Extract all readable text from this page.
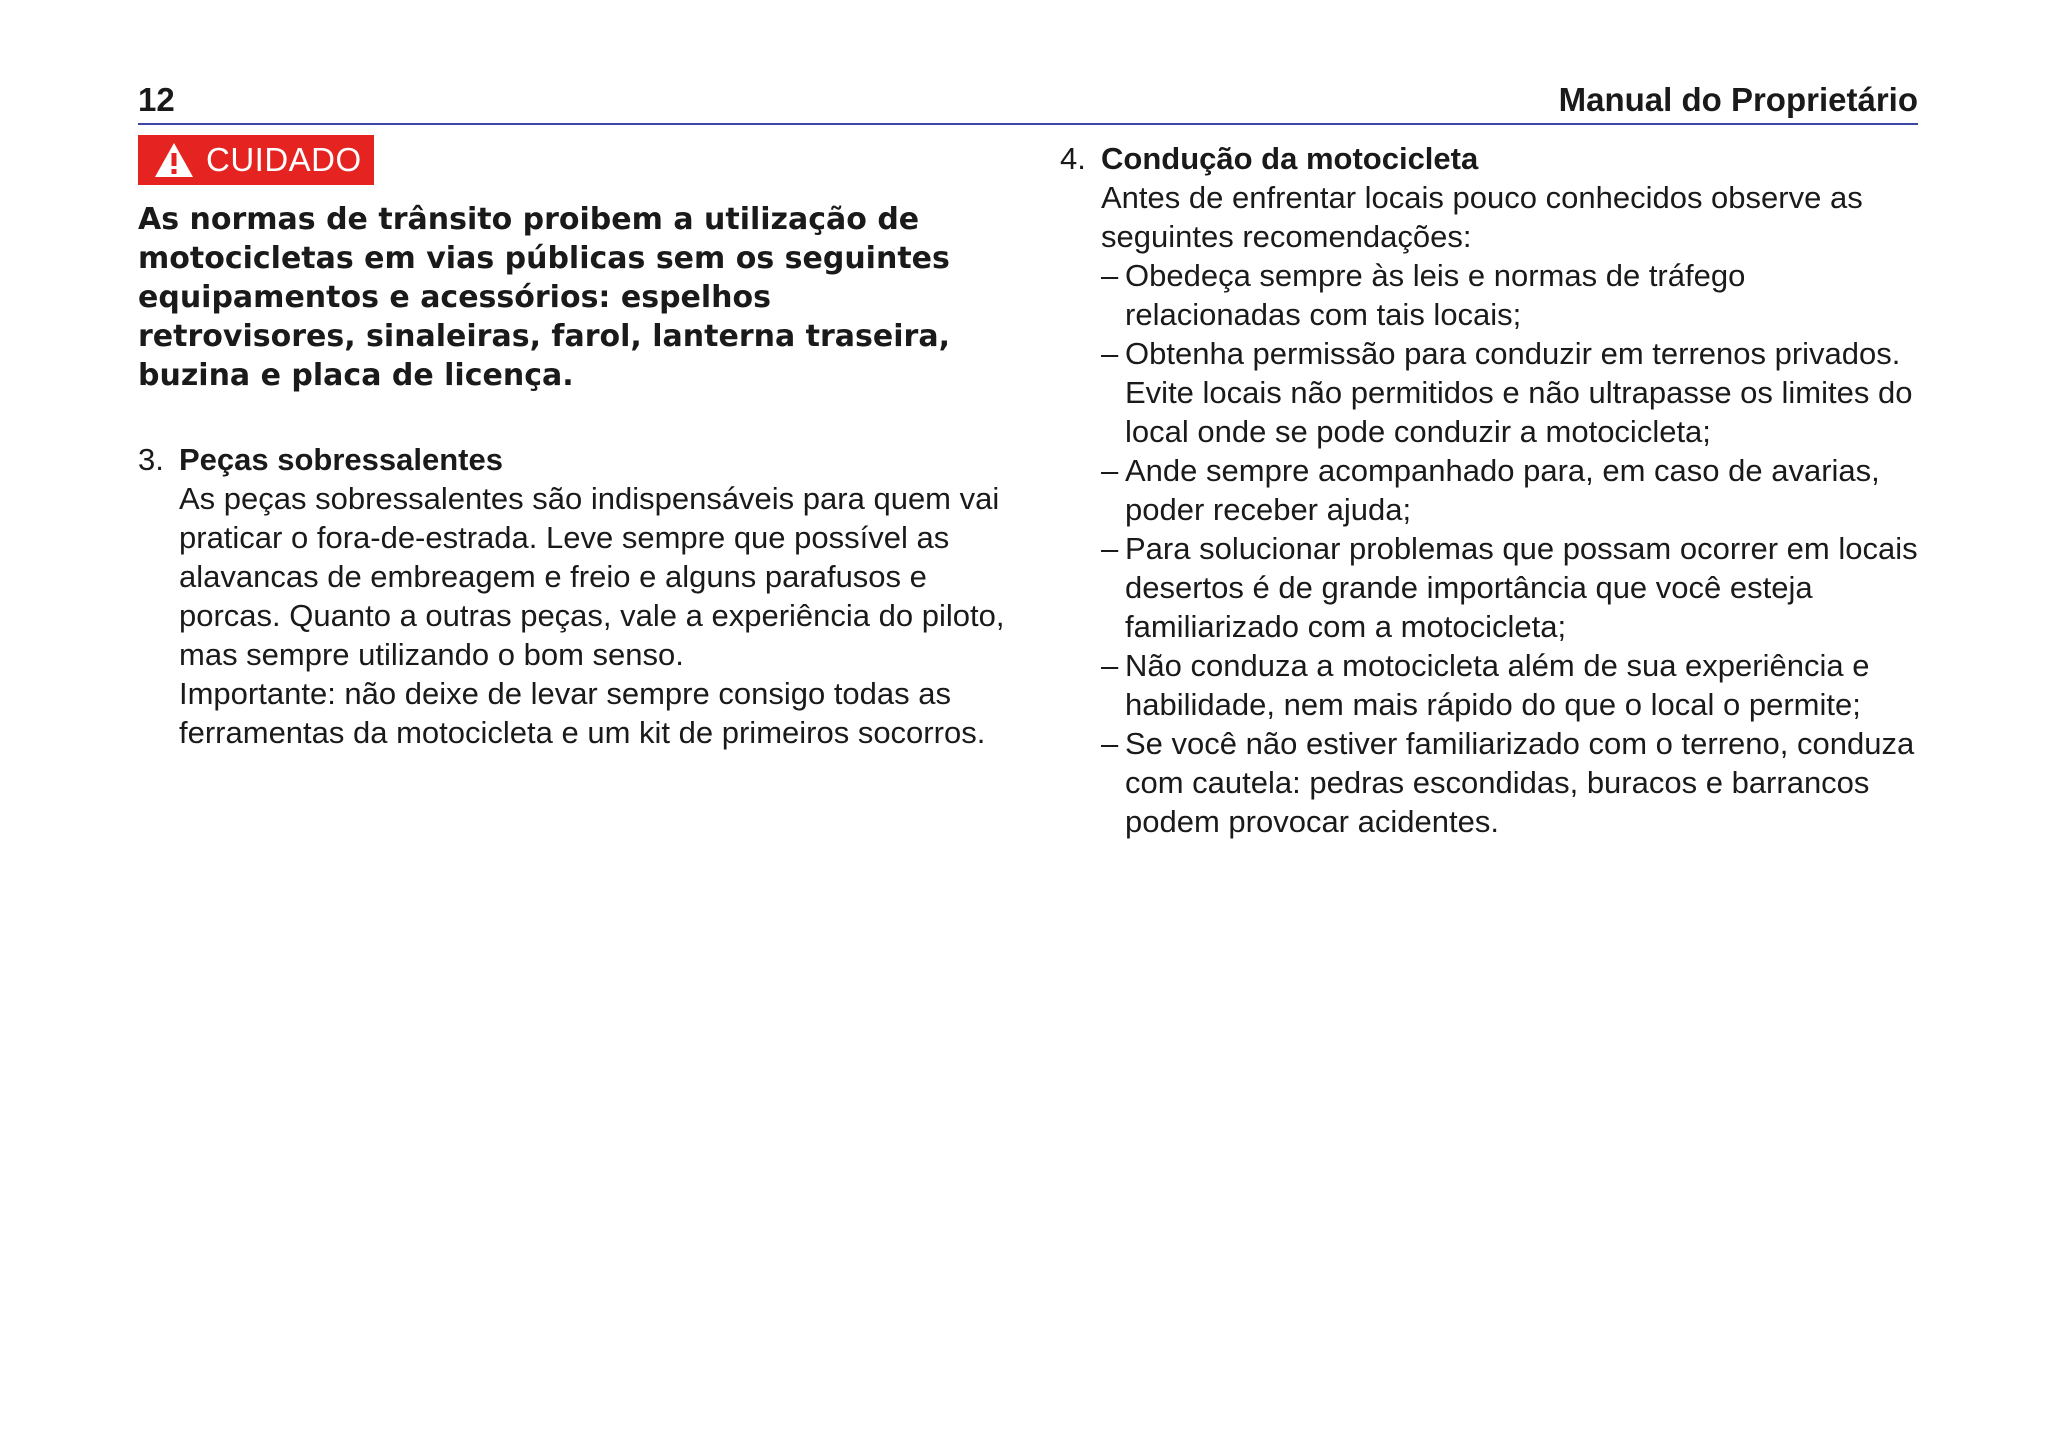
12	Manual do Proprietário
CUIDADO

As normas de trânsito proibem a utilização de motocicletas em vias públicas sem os seguintes equipamentos e acessórios: espelhos retrovisores, sinaleiras, farol, lanterna traseira, buzina e placa de licença.

3. Peças sobressalentes

As peças sobressalentes são indispensáveis para quem vai praticar o fora-de-estrada. Leve sempre que possível as alavancas de embreagem e freio e alguns parafusos e porcas. Quanto a outras peças, vale a experiência do piloto, mas sempre utilizando o bom senso.

Importante: não deixe de levar sempre consigo todas as ferramentas da motocicleta e um kit de primeiros socorros.

4. Condução da motocicleta

Antes de enfrentar locais pouco conhecidos observe as seguintes recomendações:

– Obedeça sempre às leis e normas de tráfego relacionadas com tais locais;
– Obtenha permissão para conduzir em terrenos privados. Evite locais não permitidos e não ultrapasse os limites do local onde se pode conduzir a motocicleta;
– Ande sempre acompanhado para, em caso de avarias, poder receber ajuda;
– Para solucionar problemas que possam ocorrer em locais desertos é de grande importância que você esteja familiarizado com a motocicleta;
– Não conduza a motocicleta além de sua experiência e habilidade, nem mais rápido do que o local o permite;
– Se você não estiver familiarizado com o terreno, conduza com cautela: pedras escondidas, buracos e barrancos podem provocar acidentes.
